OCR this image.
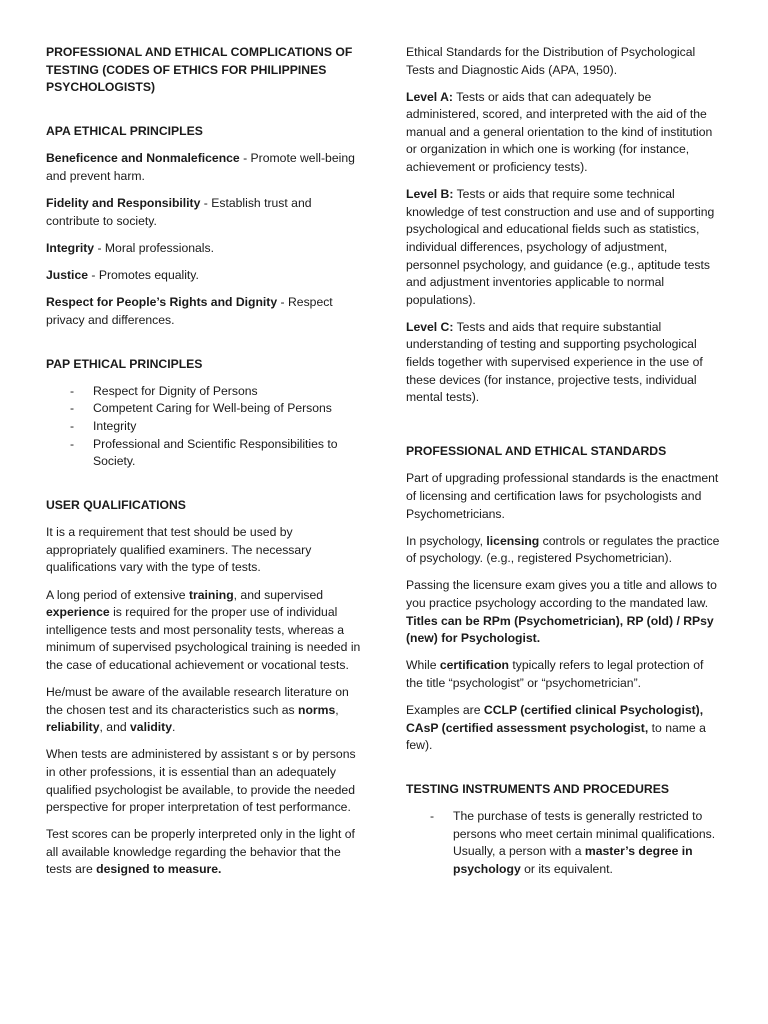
PROFESSIONAL AND ETHICAL COMPLICATIONS OF TESTING (CODES OF ETHICS FOR PHILIPPINES PSYCHOLOGISTS)
APA ETHICAL PRINCIPLES

Beneficence and Nonmaleficence - Promote well-being and prevent harm.

Fidelity and Responsibility - Establish trust and contribute to society.

Integrity - Moral professionals.

Justice - Promotes equality.

Respect for People’s Rights and Dignity - Respect privacy and differences.

PAP ETHICAL PRINCIPLES
- Respect for Dignity of Persons
- Competent Caring for Well-being of Persons
- Integrity
- Professional and Scientific Responsibilities to Society.
USER QUALIFICATIONS

It is a requirement that test should be used by appropriately qualified examiners. The necessary qualifications vary with the type of tests.

A long period of extensive training, and supervised experience is required for the proper use of individual intelligence tests and most personality tests, whereas a minimum of supervised psychological training is needed in the case of educational achievement or vocational tests.

He/must be aware of the available research literature on the chosen test and its characteristics such as norms, reliability, and validity.

When tests are administered by assistant s or by persons in other professions, it is essential than an adequately qualified psychologist be available, to provide the needed perspective for proper interpretation of test performance.

Test scores can be properly interpreted only in the light of all available knowledge regarding the behavior that the tests are designed to measure.

Ethical Standards for the Distribution of Psychological Tests and Diagnostic Aids (APA, 1950).

Level A: Tests or aids that can adequately be administered, scored, and interpreted with the aid of the manual and a general orientation to the kind of institution or organization in which one is working (for instance, achievement or proficiency tests).

Level B: Tests or aids that require some technical knowledge of test construction and use and of supporting psychological and educational fields such as statistics, individual differences, psychology of adjustment, personnel psychology, and guidance (e.g., aptitude tests and adjustment inventories applicable to normal populations).

Level C: Tests and aids that require substantial understanding of testing and supporting psychological fields together with supervised experience in the use of these devices (for instance, projective tests, individual mental tests).

PROFESSIONAL AND ETHICAL STANDARDS

Part of upgrading professional standards is the enactment of licensing and certification laws for psychologists and Psychometricians.

In psychology, licensing controls or regulates the practice of psychology. (e.g., registered Psychometrician).

Passing the licensure exam gives you a title and allows to you practice psychology according to the mandated law. Titles can be RPm (Psychometrician), RP (old) / RPsy (new) for Psychologist.

While certification typically refers to legal protection of the title “psychologist” or “psychometrician”.

Examples are CCLP (certified clinical Psychologist), CAsP (certified assessment psychologist, to name a few).

TESTING INSTRUMENTS AND PROCEDURES
- The purchase of tests is generally restricted to persons who meet certain minimal qualifications. Usually, a person with a master’s degree in psychology or its equivalent.
